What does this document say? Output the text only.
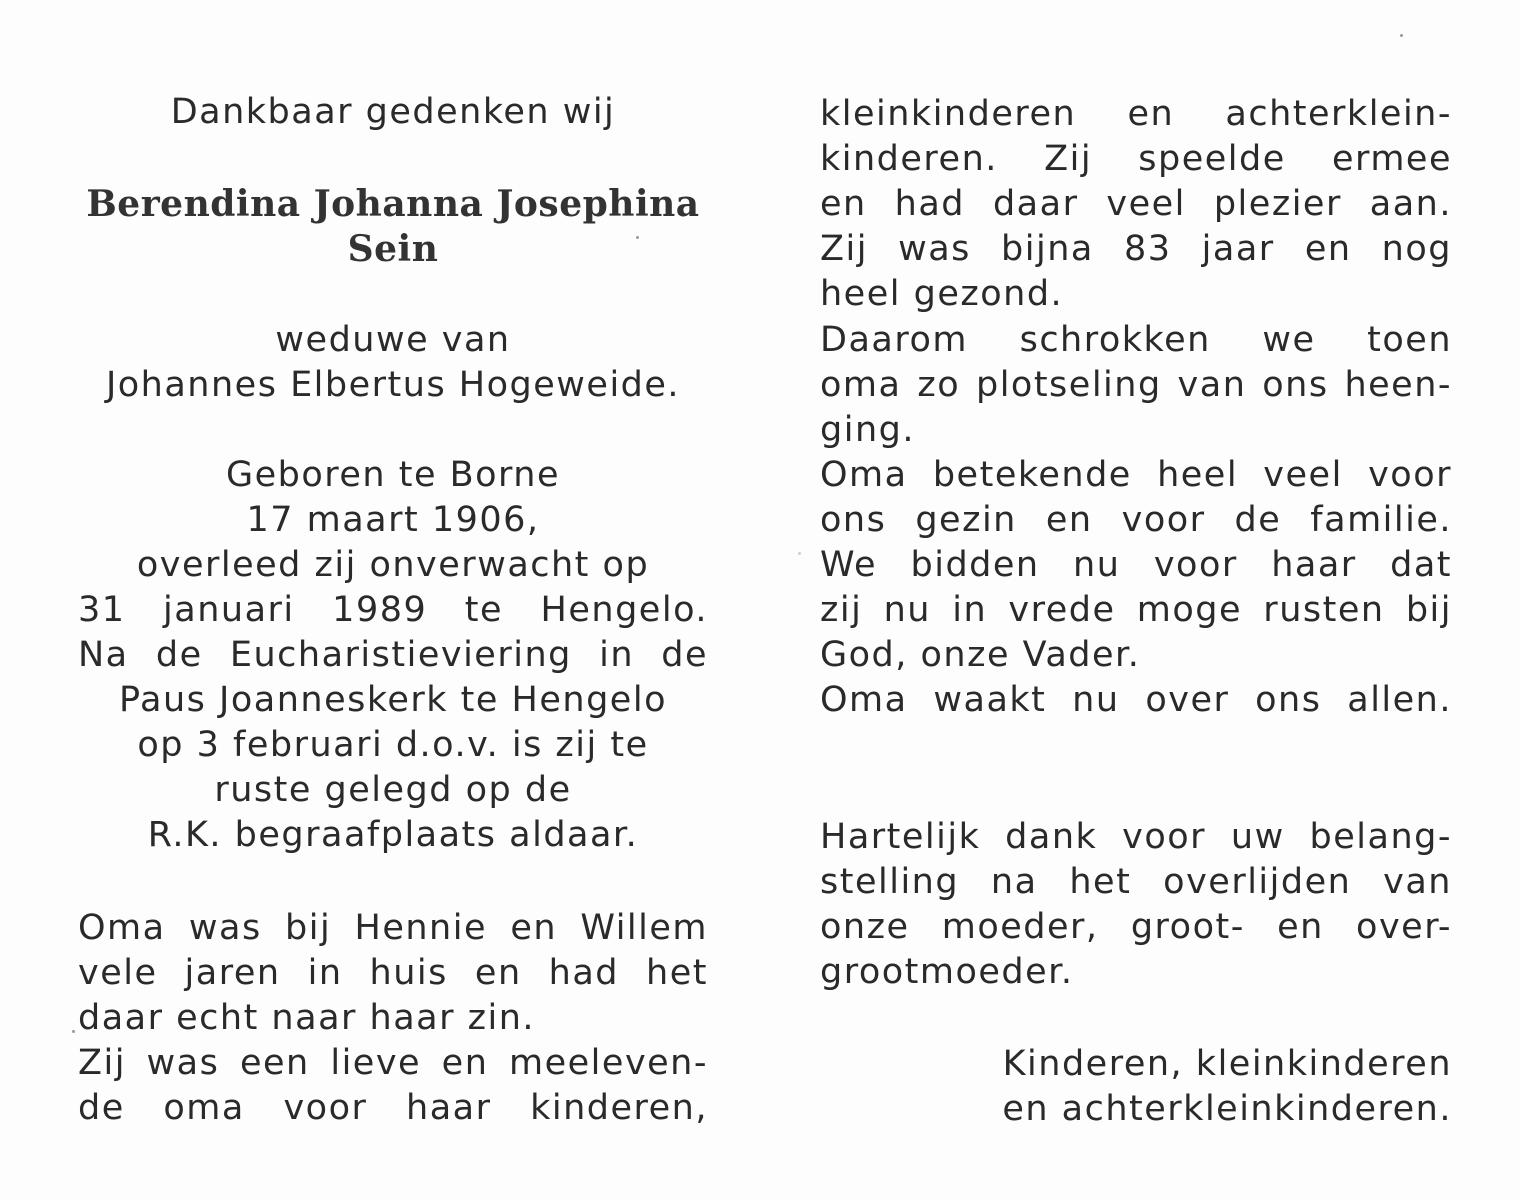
Dankbaar gedenken wij
Berendina Johanna Josephina
Sein
weduwe van
Johannes Elbertus Hogeweide.
Geboren te Borne
17 maart 1906,
overleed zij onverwacht op
31 januari 1989 te Hengelo.
Na de Eucharistieviering in de
Paus Joanneskerk te Hengelo
op 3 februari d.o.v. is zij te
ruste gelegd op de
R.K. begraafplaats aldaar.
Oma was bij Hennie en Willem
vele jaren in huis en had het
daar echt naar haar zin.
Zij was een lieve en meeleven-
de oma voor haar kinderen,
kleinkinderen en achterklein-
kinderen. Zij speelde ermee
en had daar veel plezier aan.
Zij was bijna 83 jaar en nog
heel gezond.
Daarom schrokken we toen
oma zo plotseling van ons heen-
ging.
Oma betekende heel veel voor
ons gezin en voor de familie.
We bidden nu voor haar dat
zij nu in vrede moge rusten bij
God, onze Vader.
Oma waakt nu over ons allen.
Hartelijk dank voor uw belang-
stelling na het overlijden van
onze moeder, groot- en over-
grootmoeder.
Kinderen, kleinkinderen
en achterkleinkinderen.
